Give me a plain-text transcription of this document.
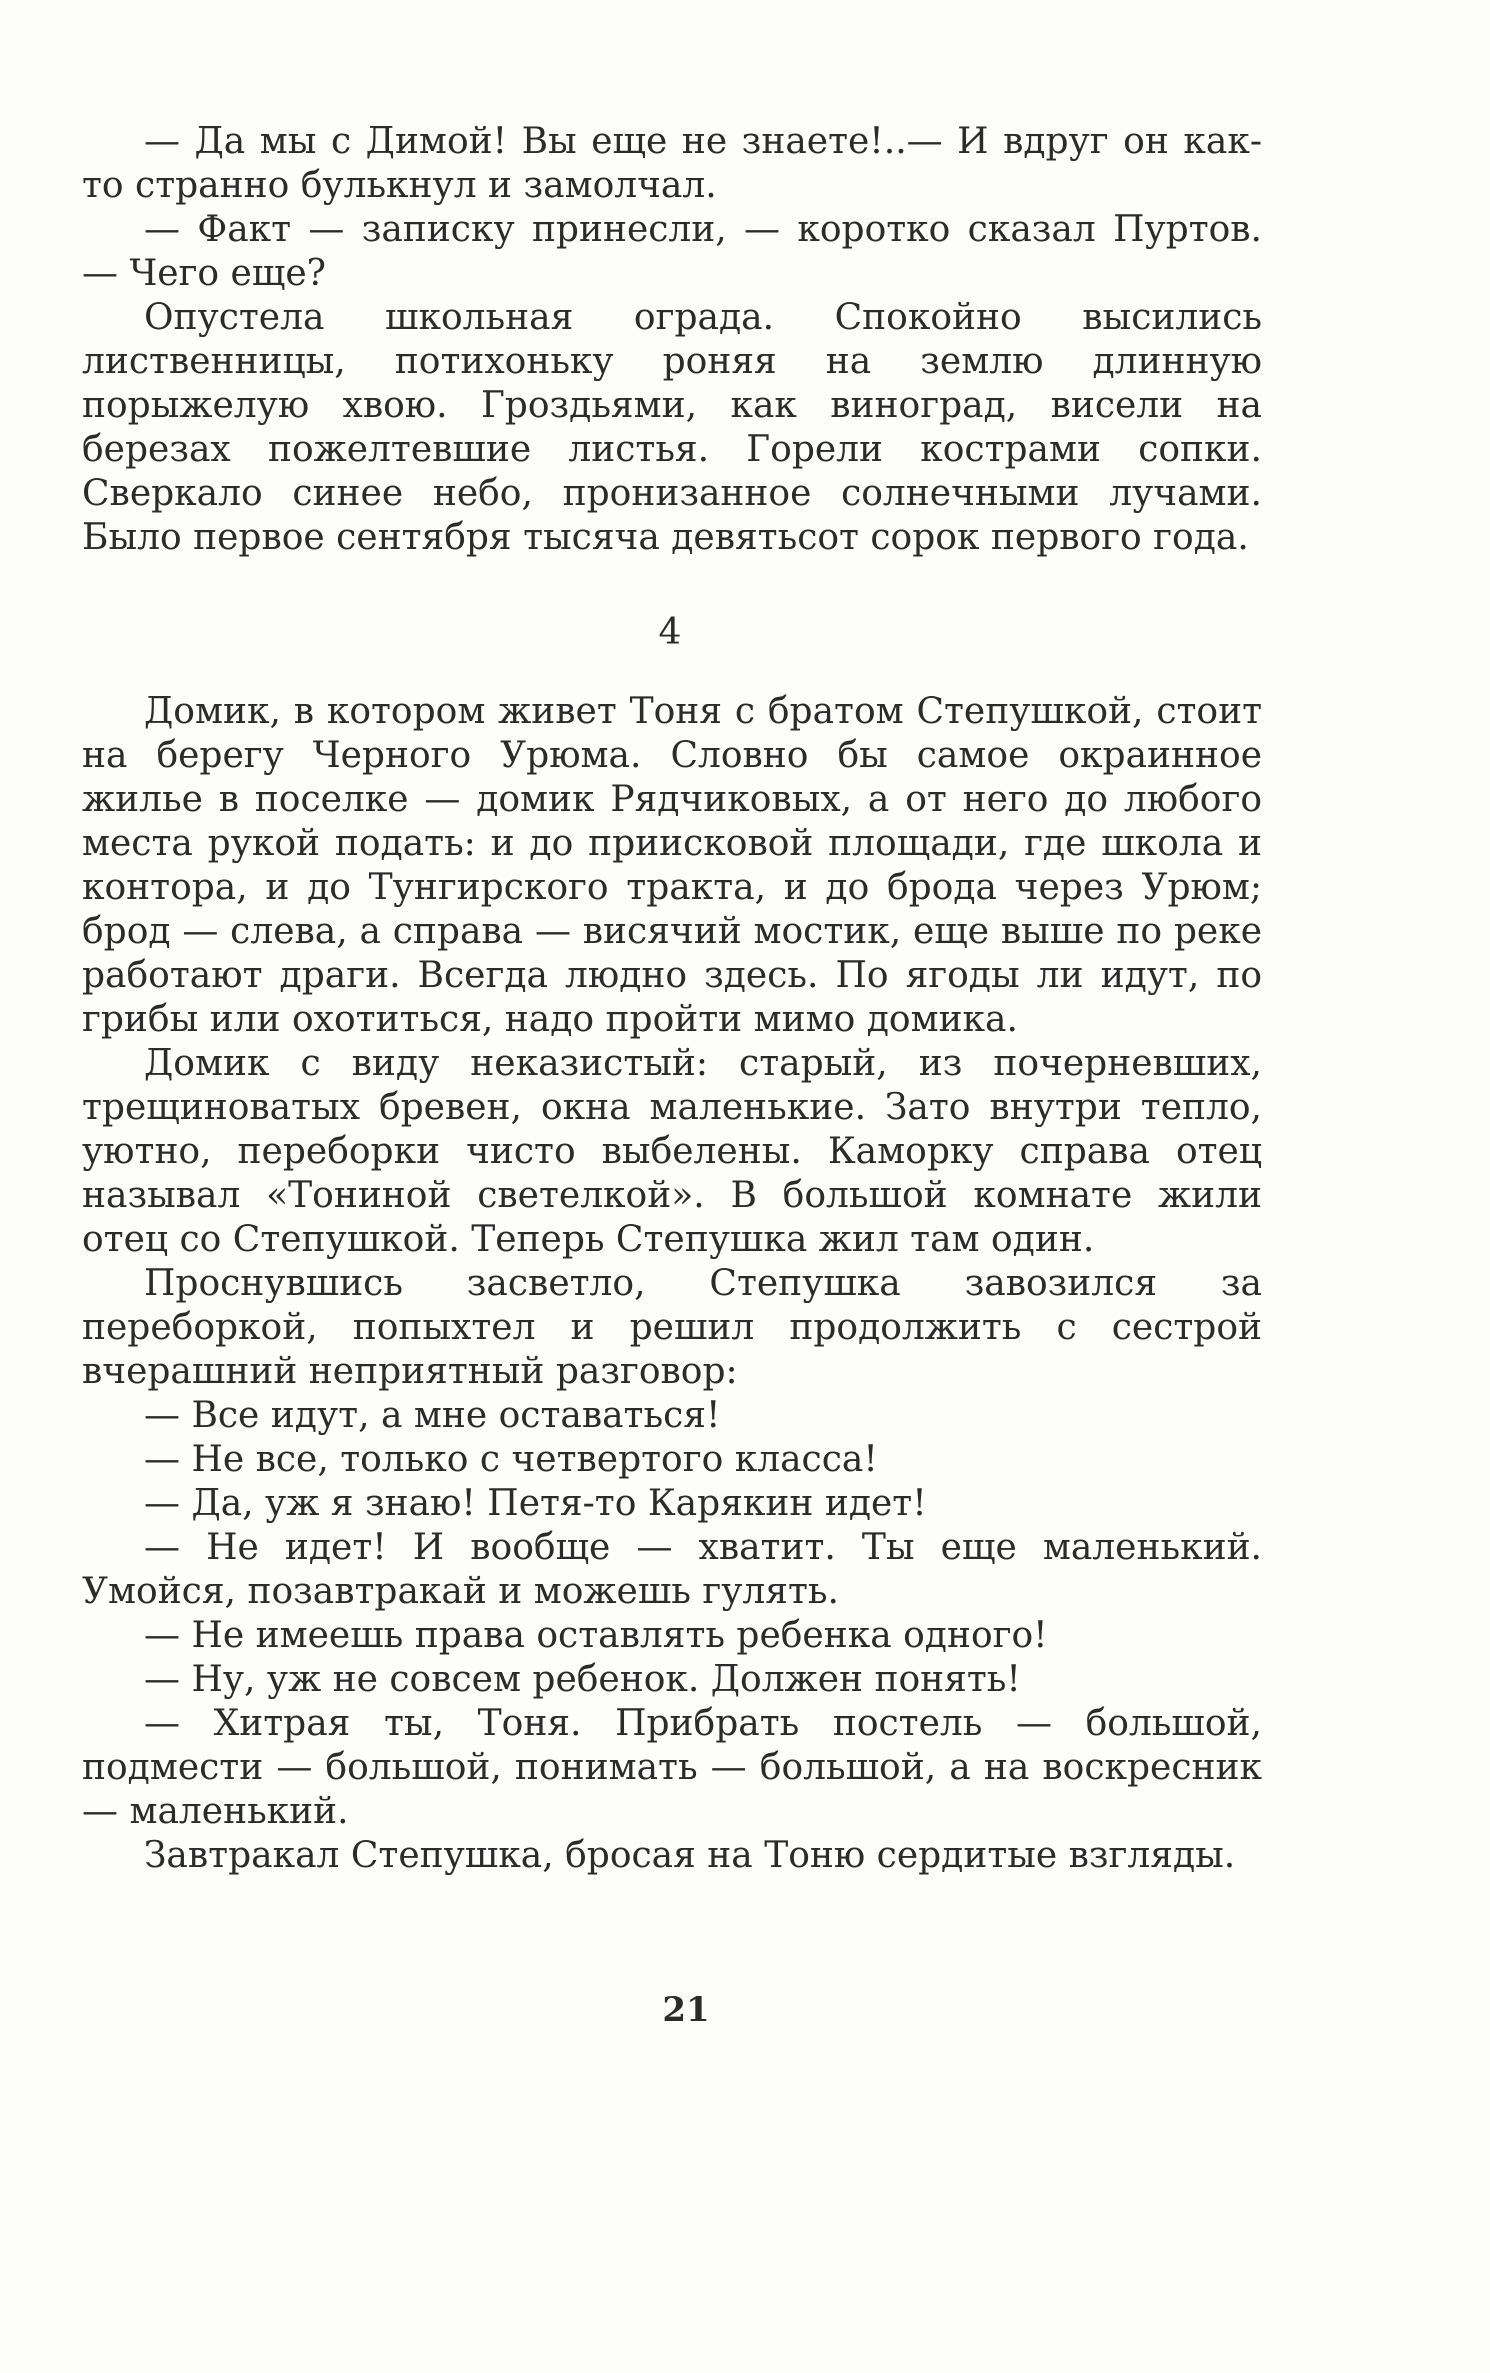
— Да мы с Димой! Вы еще не знаете!..— И вдруг он как-то странно булькнул и замолчал.

— Факт — записку принесли, — коротко сказал Пуртов. — Чего еще?

Опустела школьная ограда. Спокойно высились лиственницы, потихоньку роняя на землю длинную порыжелую хвою. Гроздьями, как виноград, висели на березах пожелтевшие листья. Горели кострами сопки. Сверкало синее небо, пронизанное солнечными лучами. Было первое сентября тысяча девятьсот сорок первого года.

4

Домик, в котором живет Тоня с братом Степушкой, стоит на берегу Черного Урюма. Словно бы самое окраинное жилье в поселке — домик Рядчиковых, а от него до любого места рукой подать: и до приисковой площади, где школа и контора, и до Тунгирского тракта, и до брода через Урюм; брод — слева, а справа — висячий мостик, еще выше по реке работают драги. Всегда людно здесь. По ягоды ли идут, по грибы или охотиться, надо пройти мимо домика.

Домик с виду неказистый: старый, из почерневших, трещиноватых бревен, окна маленькие. Зато внутри тепло, уютно, переборки чисто выбелены. Каморку справа отец называл «Тониной светелкой». В большой комнате жили отец со Степушкой. Теперь Степушка жил там один.

Проснувшись засветло, Степушка завозился за переборкой, попыхтел и решил продолжить с сестрой вчерашний неприятный разговор:

— Все идут, а мне оставаться!

— Не все, только с четвертого класса!

— Да, уж я знаю! Петя-то Карякин идет!

— Не идет! И вообще — хватит. Ты еще маленький. Умойся, позавтракай и можешь гулять.

— Не имеешь права оставлять ребенка одного!

— Ну, уж не совсем ребенок. Должен понять!

— Хитрая ты, Тоня. Прибрать постель — большой, подмести — большой, понимать — большой, а на воскресник — маленький.

Завтракал Степушка, бросая на Тоню сердитые взгляды.

21
